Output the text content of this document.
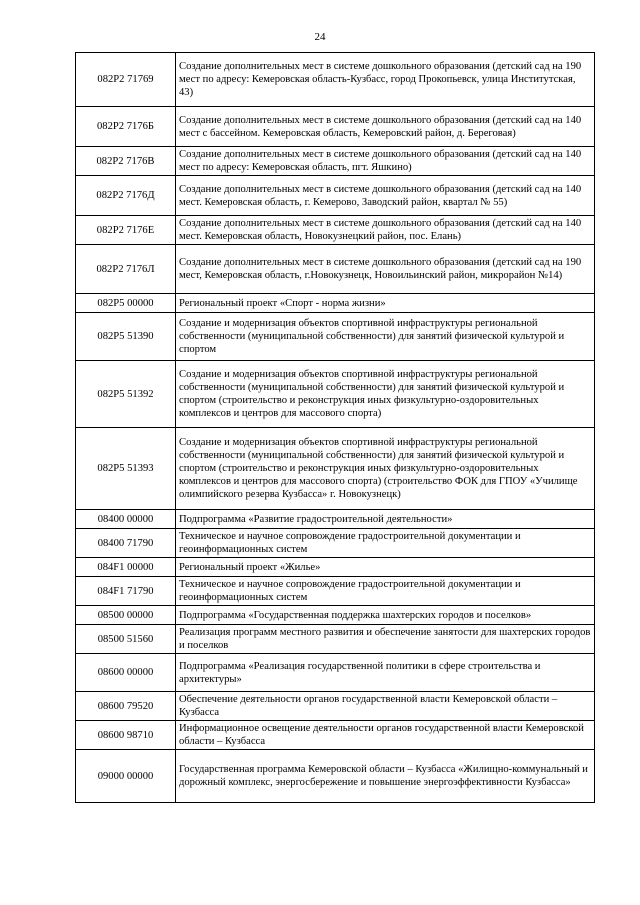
24
082P2 71769	Создание дополнительных мест в системе дошкольного образования (детский сад на 190 мест по адресу: Кемеровская область-Кузбасс, город Прокопьевск, улица Институтская, 43)
082P2 7176Б	Создание дополнительных мест в системе дошкольного образования (детский сад на 140 мест с бассейном. Кемеровская область, Кемеровский район, д. Береговая)
082P2 7176В	Создание дополнительных мест в системе дошкольного образования (детский сад на 140 мест по адресу: Кемеровская область, пгт. Яшкино)
082P2 7176Д	Создание дополнительных мест в системе дошкольного образования (детский сад на 140 мест. Кемеровская область, г. Кемерово, Заводский район, квартал № 55)
082P2 7176Е	Создание дополнительных мест в системе дошкольного образования (детский сад на 140 мест. Кемеровская область, Новокузнецкий район, пос. Елань)
082P2 7176Л	Создание дополнительных мест в системе дошкольного образования (детский сад на 190 мест, Кемеровская область, г.Новокузнецк, Новоильинский район, микрорайон №14)
082P5 00000	Региональный проект «Спорт - норма жизни»
082P5 51390	Создание и модернизация объектов спортивной инфраструктуры региональной собственности (муниципальной собственности) для занятий физической культурой и спортом
082P5 51392	Создание и модернизация объектов спортивной инфраструктуры региональной собственности (муниципальной собственности) для занятий физической культурой и спортом (строительство и реконструкция иных физкультурно-оздоровительных комплексов и центров для массового спорта)
082P5 51393	Создание и модернизация объектов спортивной инфраструктуры региональной собственности (муниципальной собственности) для занятий физической культурой и спортом (строительство и реконструкция иных физкультурно-оздоровительных комплексов и центров для массового спорта) (строительство ФОК для ГПОУ «Училище олимпийского резерва Кузбасса» г. Новокузнецк)
08400 00000	Подпрограмма «Развитие градостроительной деятельности»
08400 71790	Техническое и научное сопровождение градостроительной документации и геоинформационных систем
084F1 00000	Региональный проект «Жилье»
084F1 71790	Техническое и научное сопровождение градостроительной документации и геоинформационных систем
08500 00000	Подпрограмма «Государственная поддержка шахтерских городов и поселков»
08500 51560	Реализация программ местного развития и обеспечение занятости для шахтерских городов и поселков
08600 00000	Подпрограмма «Реализация государственной политики в сфере строительства и архитектуры»
08600 79520	Обеспечение деятельности органов государственной власти Кемеровской области – Кузбасса
08600 98710	Информационное освещение деятельности органов государственной власти Кемеровской области – Кузбасса
09000 00000	Государственная программа Кемеровской области – Кузбасса «Жилищно-коммунальный и дорожный комплекс, энергосбережение и повышение энергоэффективности Кузбасса»
